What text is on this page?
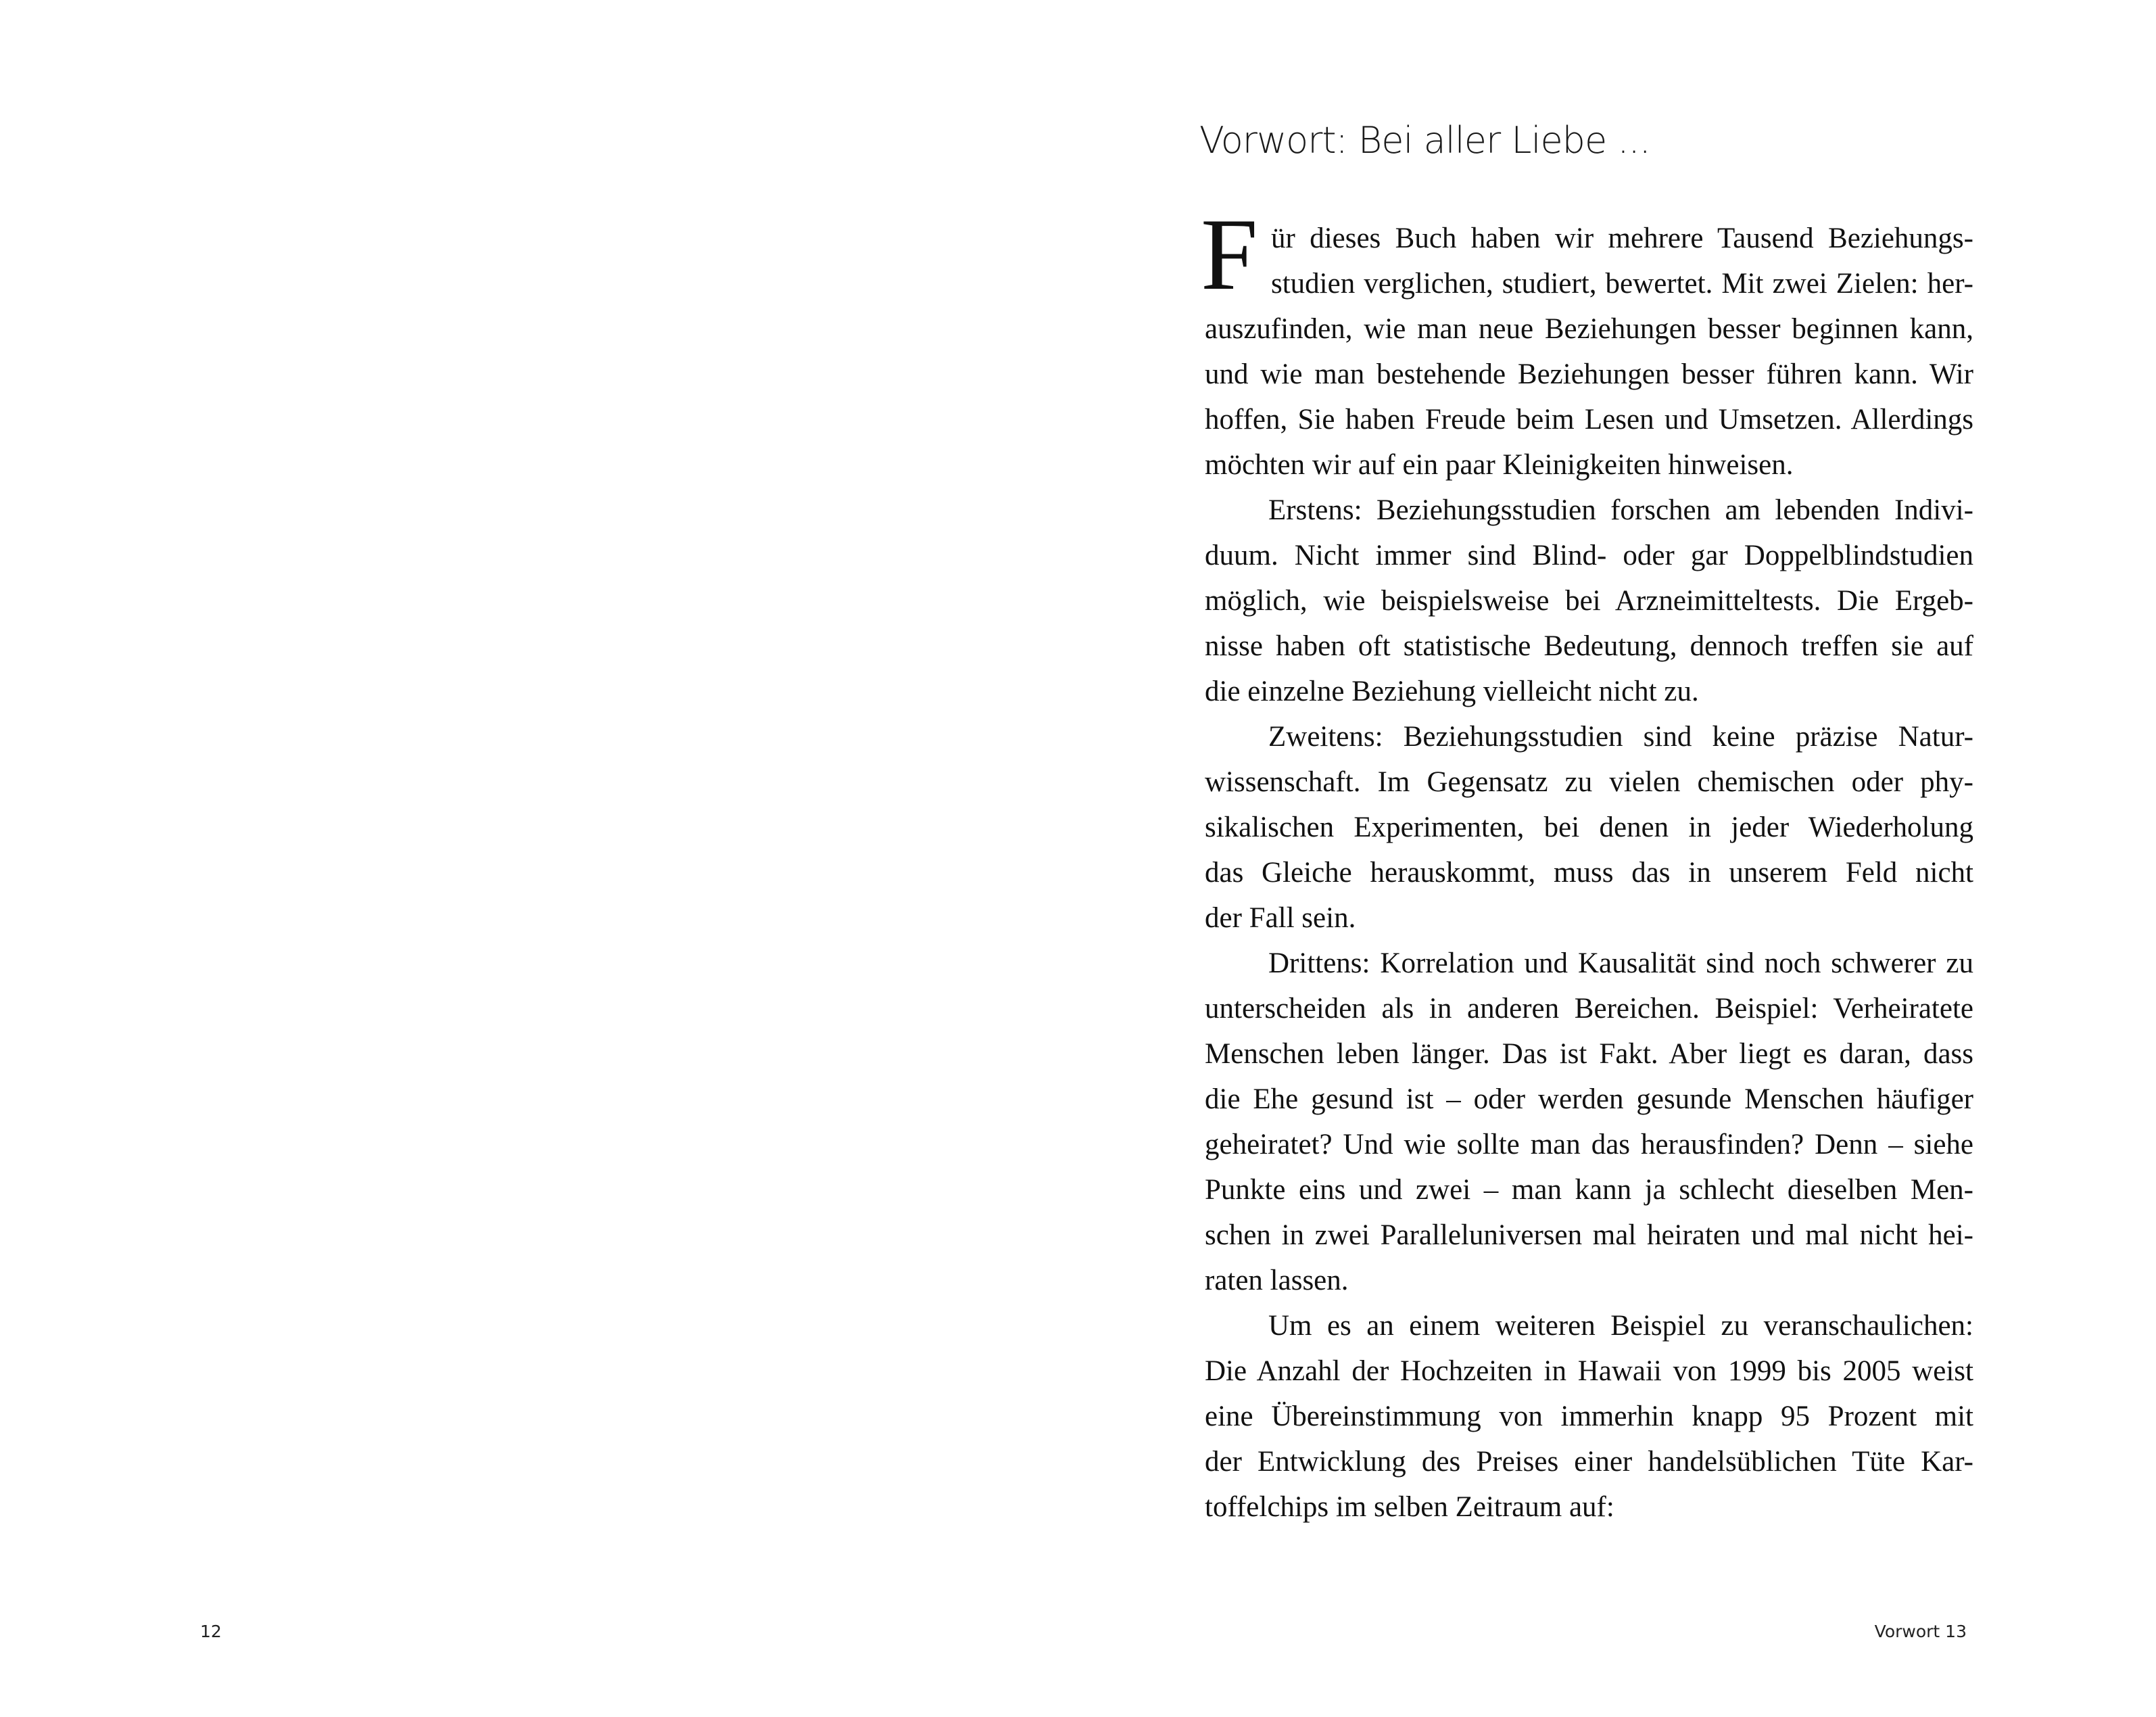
Vorwort: Bei aller Liebe ...
F ür dieses Buch haben wir mehrere Tausend Beziehungs-
studien verglichen, studiert, bewertet. Mit zwei Zielen: her-
auszufinden, wie man neue Beziehungen besser beginnen kann,
und wie man bestehende Beziehungen besser führen kann. Wir
hoffen, Sie haben Freude beim Lesen und Umsetzen. Allerdings
möchten wir auf ein paar Kleinigkeiten hinweisen.
Erstens: Beziehungsstudien forschen am lebenden Indivi-
duum. Nicht immer sind Blind- oder gar Doppelblindstudien
möglich, wie beispielsweise bei Arzneimitteltests. Die Ergeb-
nisse haben oft statistische Bedeutung, dennoch treffen sie auf
die einzelne Beziehung vielleicht nicht zu.
Zweitens: Beziehungsstudien sind keine präzise Natur-
wissenschaft. Im Gegensatz zu vielen chemischen oder phy-
sikalischen Experimenten, bei denen in jeder Wiederholung
das Gleiche herauskommt, muss das in unserem Feld nicht
der Fall sein.
Drittens: Korrelation und Kausalität sind noch schwerer zu
unterscheiden als in anderen Bereichen. Beispiel: Verheiratete
Menschen leben länger. Das ist Fakt. Aber liegt es daran, dass
die Ehe gesund ist – oder werden gesunde Menschen häufiger
geheiratet? Und wie sollte man das herausfinden? Denn – siehe
Punkte eins und zwei – man kann ja schlecht dieselben Men-
schen in zwei Paralleluniversen mal heiraten und mal nicht hei-
raten lassen.
Um es an einem weiteren Beispiel zu veranschaulichen:
Die Anzahl der Hochzeiten in Hawaii von 1999 bis 2005 weist
eine Übereinstimmung von immerhin knapp 95 Prozent mit
der Entwicklung des Preises einer handelsüblichen Tüte Kar-
toffelchips im selben Zeitraum auf:
12	Vorwort 13
